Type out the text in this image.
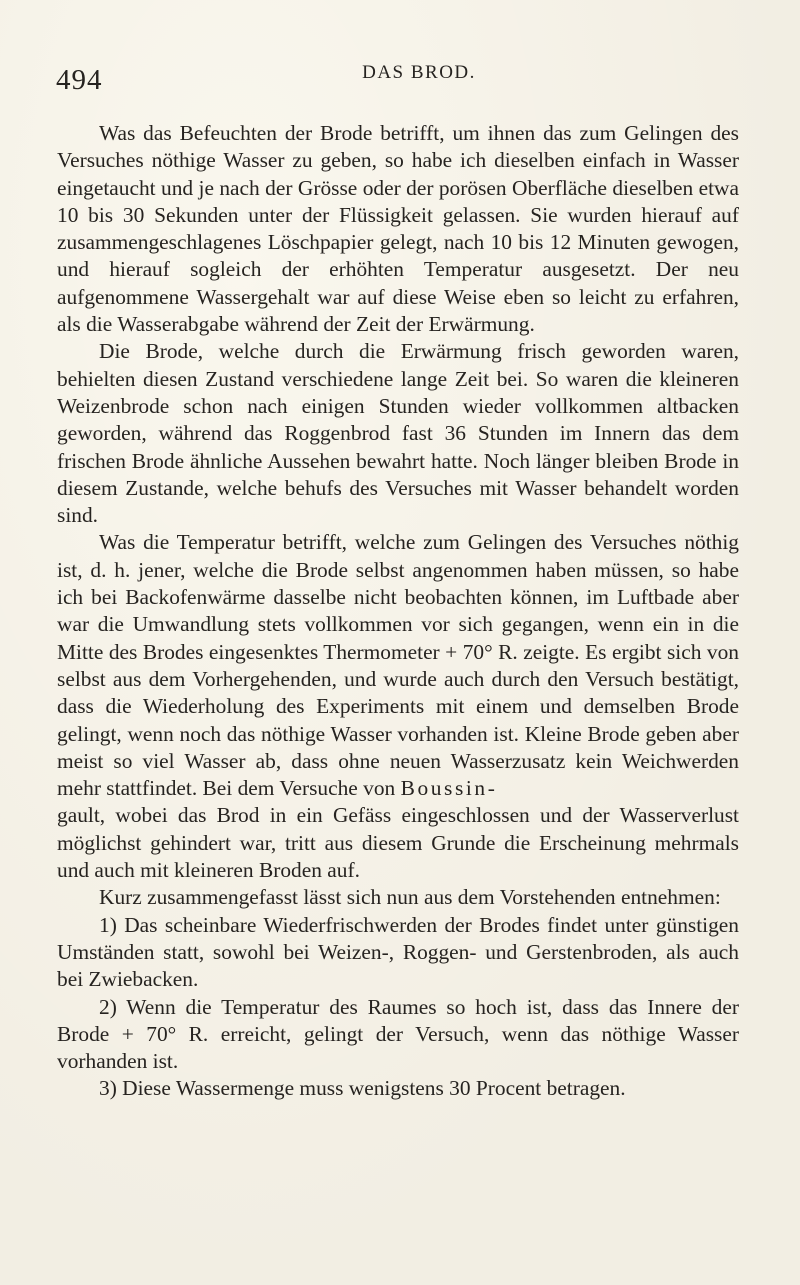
494	DAS BROD.

Was das Befeuchten der Brode betrifft, um ihnen das zum Gelingen des Versuches nöthige Wasser zu geben, so habe ich dieselben einfach in Wasser eingetaucht und je nach der Grösse oder der porösen Oberfläche dieselben etwa 10 bis 30 Sekunden unter der Flüssigkeit gelassen. Sie wurden hierauf auf zusammengeschlagenes Löschpapier gelegt, nach 10 bis 12 Minuten gewogen, und hierauf sogleich der erhöhten Temperatur ausgesetzt. Der neu aufgenommene Wassergehalt war auf diese Weise eben so leicht zu erfahren, als die Wasserabgabe während der Zeit der Erwärmung.

Die Brode, welche durch die Erwärmung frisch geworden waren, behielten diesen Zustand verschiedene lange Zeit bei. So waren die kleineren Weizenbrode schon nach einigen Stunden wieder vollkommen altbacken geworden, während das Roggenbrod fast 36 Stunden im Innern das dem frischen Brode ähnliche Aussehen bewahrt hatte. Noch länger bleiben Brode in diesem Zustande, welche behufs des Versuches mit Wasser behandelt worden sind.

Was die Temperatur betrifft, welche zum Gelingen des Versuches nöthig ist, d. h. jener, welche die Brode selbst angenommen haben müssen, so habe ich bei Backofenwärme dasselbe nicht beobachten können, im Luftbade aber war die Umwandlung stets vollkommen vor sich gegangen, wenn ein in die Mitte des Brodes eingesenktes Thermometer + 70° R. zeigte. Es ergibt sich von selbst aus dem Vorhergehenden, und wurde auch durch den Versuch bestätigt, dass die Wiederholung des Experiments mit einem und demselben Brode gelingt, wenn noch das nöthige Wasser vorhanden ist. Kleine Brode geben aber meist so viel Wasser ab, dass ohne neuen Wasserzusatz kein Weichwerden mehr stattfindet. Bei dem Versuche von Boussin-
gault, wobei das Brod in ein Gefäss eingeschlossen und der Wasserverlust möglichst gehindert war, tritt aus diesem Grunde die Erscheinung mehrmals und auch mit kleineren Broden auf.

Kurz zusammengefasst lässt sich nun aus dem Vorstehenden entnehmen:

1) Das scheinbare Wiederfrischwerden der Brodes findet unter günstigen Umständen statt, sowohl bei Weizen-, Roggen- und Gerstenbroden, als auch bei Zwiebacken.

2) Wenn die Temperatur des Raumes so hoch ist, dass das Innere der Brode + 70° R. erreicht, gelingt der Versuch, wenn das nöthige Wasser vorhanden ist.

3) Diese Wassermenge muss wenigstens 30 Procent betragen.
